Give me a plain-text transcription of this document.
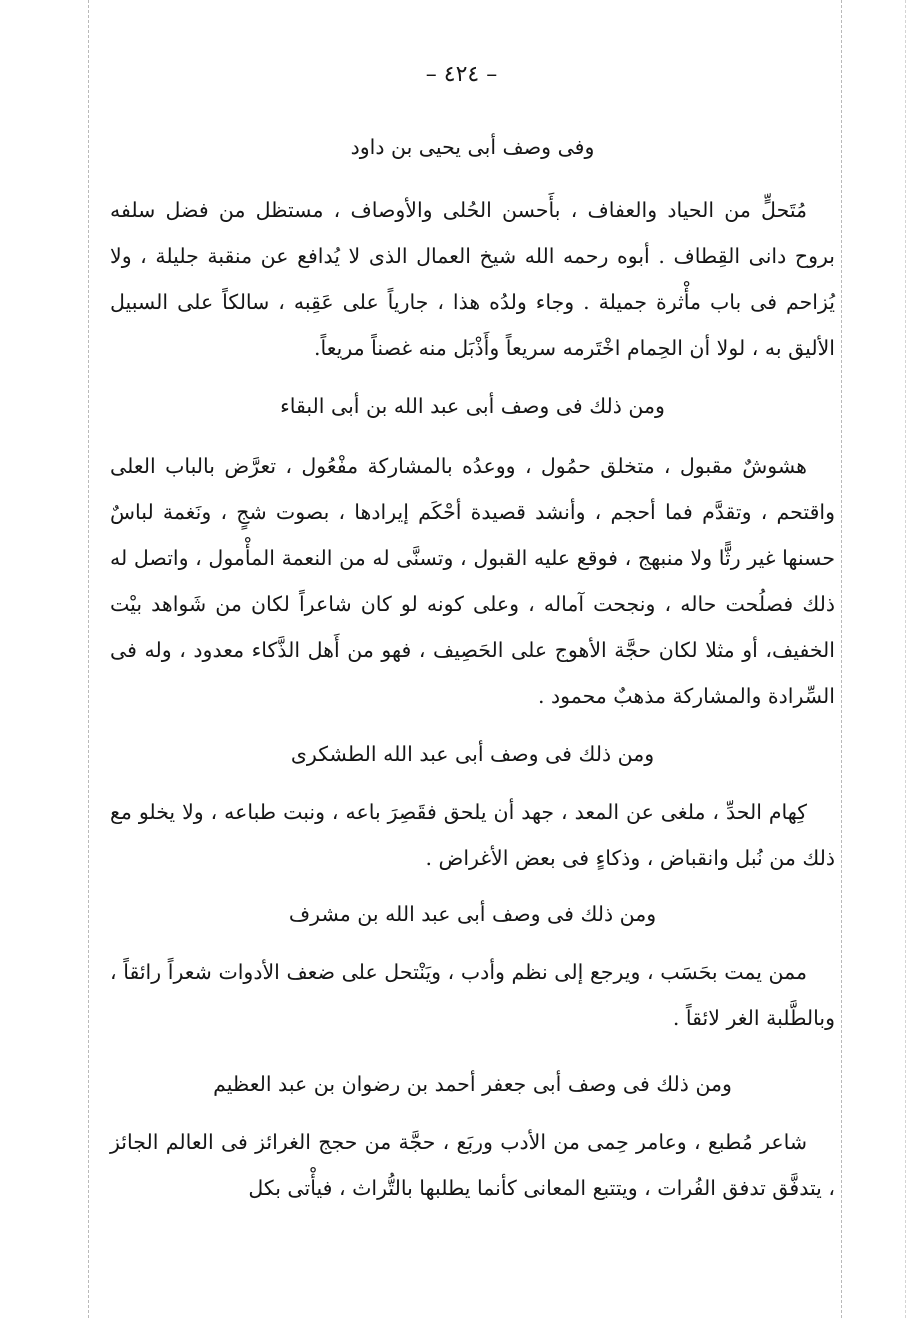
– ٤٢٤ –

وفى وصف أبى يحيى بن داود

مُتَحلٍّ من الحياد والعفاف ، بأَحسن الحُلى والأوصاف ، مستظل من فضل سلفه بروح دانى القِطاف . أبوه رحمه الله شيخ العمال الذى لا يُدافع عن منقبة جليلة ، ولا يُزاحم فى باب مأْثرة جميلة . وجاء ولدُه هذا ، جارياً على عَقِبه ، سالكاً على السبيل الأليق به ، لولا أن الحِمام اخْتَرمه سريعاً وأَذْبَل منه غصناً مريعاً.

ومن ذلك فى وصف أبى عبد الله بن أبى البقاء

هشوشٌ مقبول ، متخلق حمُول ، ووعدُه بالمشاركة مفْعُول ، تعرَّض بالباب العلى واقتحم ، وتقدَّم فما أحجم ، وأنشد قصيدة أحْكَم إيرادها ، بصوت شجٍ ، ونَغمة لباسٌ حسنها غير رثًّا ولا منبهج ، فوقع عليه القبول ، وتسنَّى له من النعمة المأْمول ، واتصل له ذلك فصلُحت حاله ، ونجحت آماله ، وعلى كونه لو كان شاعراً لكان من شَواهد بيْت الخفيف، أو مثلا لكان حجَّة الأهوج على الحَصِيف ، فهو من أَهل الذَّكاء معدود ، وله فى السِّرادة والمشاركة مذهبٌ محمود .

ومن ذلك فى وصف أبى عبد الله الطشكرى

كِهام الحدِّ ، ملغى عن المعد ، جهد أن يلحق فقَصِرَ باعه ، ونبت طباعه ، ولا يخلو مع ذلك من نُبل وانقباض ، وذكاءٍ فى بعض الأغراض .

ومن ذلك فى وصف أبى عبد الله بن مشرف

ممن يمت بحَسَب ، ويرجع إلى نظم وأدب ، ويَنْتحل على ضعف الأدوات شعراً رائقاً ، وبالطَّلبة الغر لائقاً .

ومن ذلك فى وصف أبى جعفر أحمد بن رضوان بن عبد العظيم

شاعر مُطبع ، وعامر حِمى من الأدب وربَع ، حجَّة من حجج الغرائز فى العالم الجائز ، يتدفَّق تدفق الفُرات ، ويتتبع المعانى كأنما يطلبها بالتُّراث ، فيأْتى بكل
